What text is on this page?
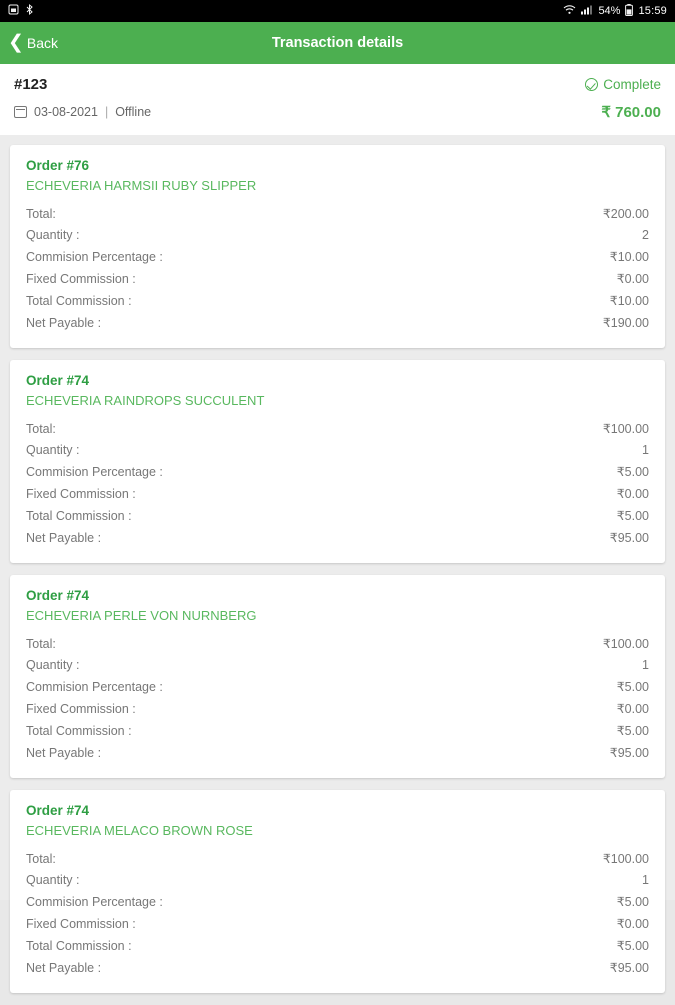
54% 15:59
❮ Back	Transaction details
#123	Complete
03-08-2021 | Offline	₹ 760.00
Order #76
ECHEVERIA HARMSII RUBY SLIPPER
Total:	₹200.00
Quantity :	2
Commision Percentage :	₹10.00
Fixed Commission :	₹0.00
Total Commission :	₹10.00
Net Payable :	₹190.00
Order #74
ECHEVERIA RAINDROPS SUCCULENT
Total:	₹100.00
Quantity :	1
Commision Percentage :	₹5.00
Fixed Commission :	₹0.00
Total Commission :	₹5.00
Net Payable :	₹95.00
Order #74
ECHEVERIA PERLE VON NURNBERG
Total:	₹100.00
Quantity :	1
Commision Percentage :	₹5.00
Fixed Commission :	₹0.00
Total Commission :	₹5.00
Net Payable :	₹95.00
Order #74
ECHEVERIA MELACO BROWN ROSE
Total:	₹100.00
Quantity :	1
Commision Percentage :	₹5.00
Fixed Commission :	₹0.00
Total Commission :	₹5.00
Net Payable :	₹95.00
